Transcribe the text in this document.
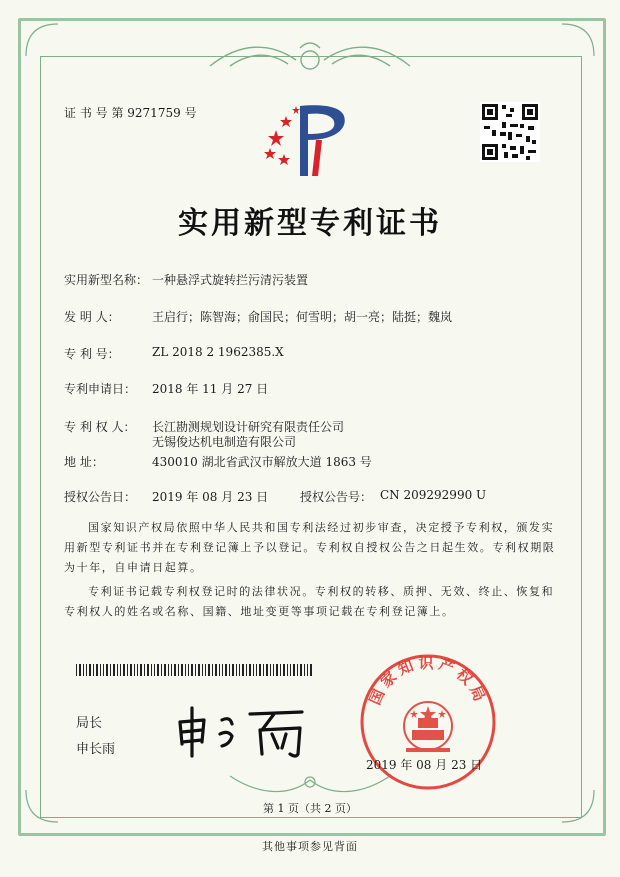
证 书 号 第 9271759 号
实用新型专利证书
实用新型名称： 一种悬浮式旋转拦污清污装置
发 明 人：	王启行；陈智海；俞国民；何雪明；胡一亮；陆挺；魏岚
专 利 号：	ZL 2018 2 1962385.X
专利申请日： 2018 年 11 月 27 日
专 利 权 人： 长江勘测规划设计研究有限责任公司
无锡俊达机电制造有限公司
地 址：	430010 湖北省武汉市解放大道 1863 号
授权公告日： 2019 年 08 月 23 日	授权公告号： CN 209292990 U
国家知识产权局依照中华人民共和国专利法经过初步审查，决定授予专利权，颁发实用新型专利证书并在专利登记簿上予以登记。专利权自授权公告之日起生效。专利权期限为十年，自申请日起算。
专利证书记载专利权登记时的法律状况。专利权的转移、质押、无效、终止、恢复和专利权人的姓名或名称、国籍、地址变更等事项记载在专利登记簿上。
局长
申长雨
国家知识产权局
2019 年 08 月 23 日
第 1 页（共 2 页）
其他事项参见背面
